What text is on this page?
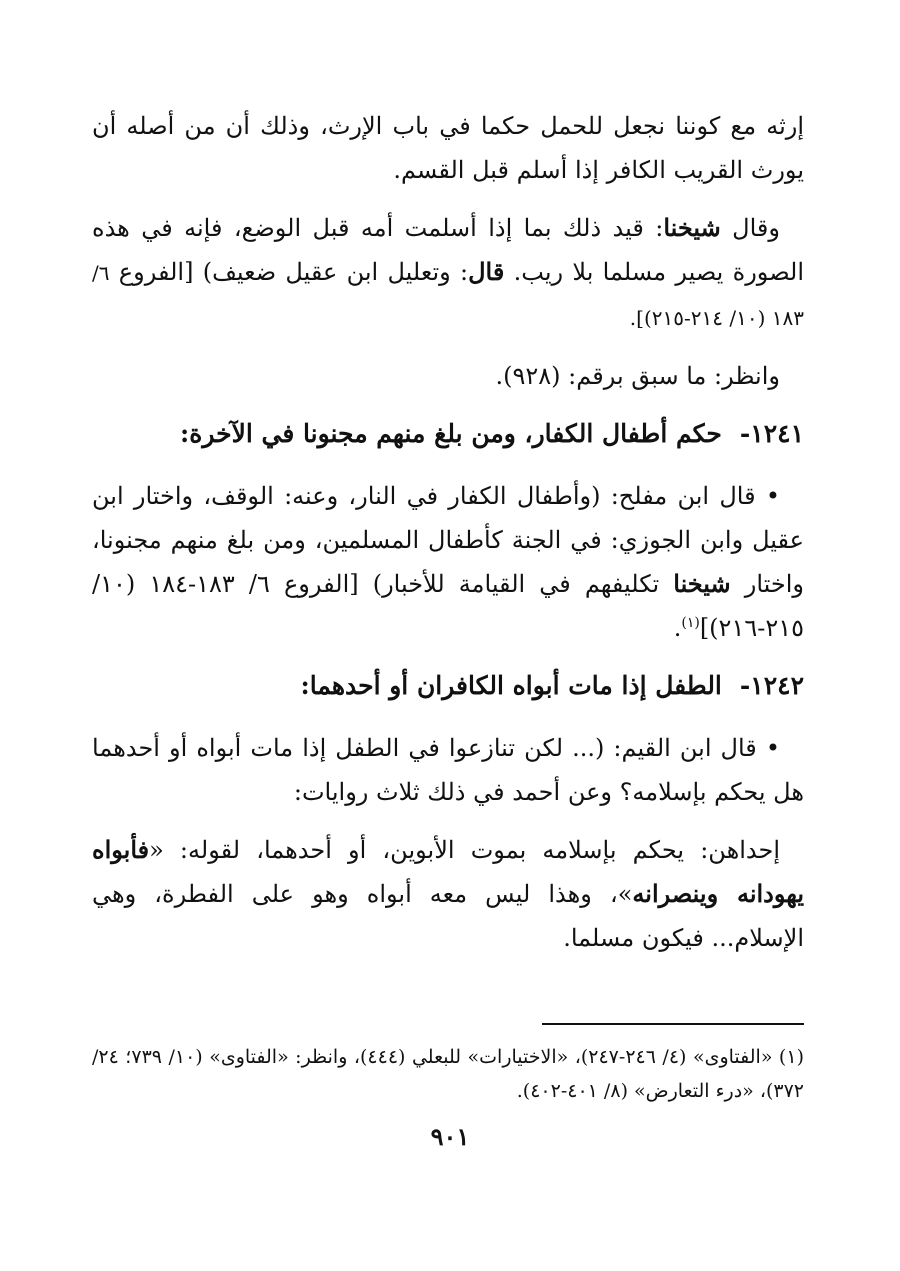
إرثه مع كوننا نجعل للحمل حكما في باب الإرث، وذلك أن من أصله أن يورث القريب الكافر إذا أسلم قبل القسم.

وقال شيخنا: قيد ذلك بما إذا أسلمت أمه قبل الوضع، فإنه في هذه الصورة يصير مسلما بلا ريب. قال: وتعليل ابن عقيل ضعيف) [الفروع ٦/ ١٨٣ (١٠/ ٢١٤-٢١٥)].

وانظر: ما سبق برقم: (٩٢٨).

١٢٤١-حكم أطفال الكفار، ومن بلغ منهم مجنونا في الآخرة:

• قال ابن مفلح: (وأطفال الكفار في النار، وعنه: الوقف، واختار ابن عقيل وابن الجوزي: في الجنة كأطفال المسلمين، ومن بلغ منهم مجنونا، واختار شيخنا تكليفهم في القيامة للأخبار) [الفروع ٦/ ١٨٣-١٨٤ (١٠/ ٢١٥-٢١٦)]$^{(١)}$.

١٢٤٢-الطفل إذا مات أبواه الكافران أو أحدهما:

• قال ابن القيم: (... لكن تنازعوا في الطفل إذا مات أبواه أو أحدهما هل يحكم بإسلامه؟ وعن أحمد في ذلك ثلاث روايات:

إحداهن: يحكم بإسلامه بموت الأبوين، أو أحدهما، لقوله: «فأبواه يهودانه وينصرانه»، وهذا ليس معه أبواه وهو على الفطرة، وهي الإسلام... فيكون مسلما.

(١) «الفتاوى» (٤/ ٢٤٦-٢٤٧)، «الاختيارات» للبعلي (٤٤٤)، وانظر: «الفتاوى» (١٠/ ٧٣٩؛ ٢٤/ ٣٧٢)، «درء التعارض» (٨/ ٤٠١-٤٠٢).

٩٠١
